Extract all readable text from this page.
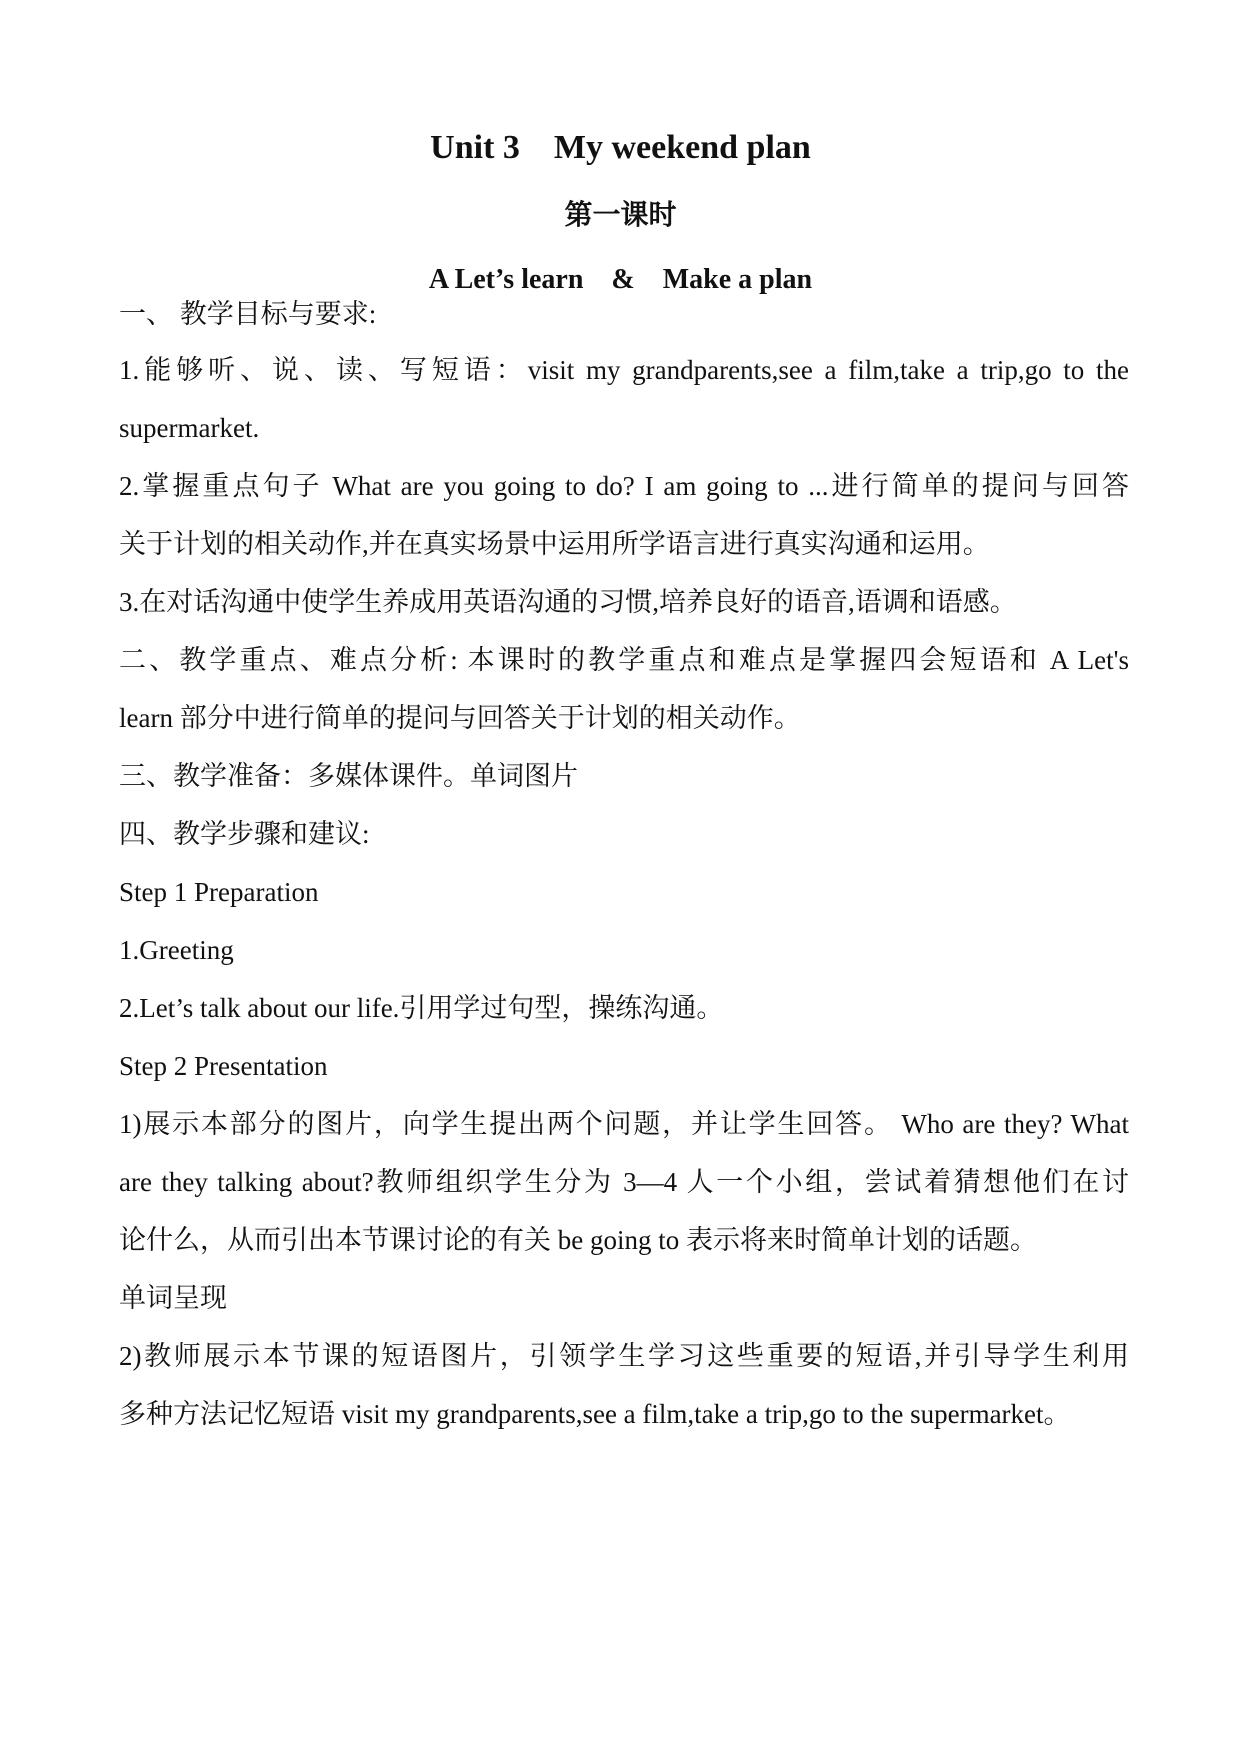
Unit 3    My weekend plan
第一课时
A Let’s learn    &    Make a plan
一、 教学目标与要求:
1.能够听、说、读、写短语：visit my grandparents,see a film,take a trip,go to the
supermarket.
2.掌握重点句子 What are you going to do? I am going to ...进行简单的提问与回答
关于计划的相关动作,并在真实场景中运用所学语言进行真实沟通和运用。
3.在对话沟通中使学生养成用英语沟通的习惯,培养良好的语音,语调和语感。
二、教学重点、难点分析: 本课时的教学重点和难点是掌握四会短语和 A Let's
learn 部分中进行简单的提问与回答关于计划的相关动作。
三、教学准备：多媒体课件。单词图片
四、教学步骤和建议:
Step 1 Preparation
1.Greeting
2.Let’s talk about our life.引用学过句型，操练沟通。
Step 2 Presentation
1)展示本部分的图片，向学生提出两个问题，并让学生回答。 Who are they? What
are they talking about?教师组织学生分为 3—4 人一个小组，尝试着猜想他们在讨
论什么，从而引出本节课讨论的有关 be going to 表示将来时简单计划的话题。
单词呈现
2)教师展示本节课的短语图片，引领学生学习这些重要的短语,并引导学生利用
多种方法记忆短语 visit my grandparents,see a film,take a trip,go to the supermarket。
